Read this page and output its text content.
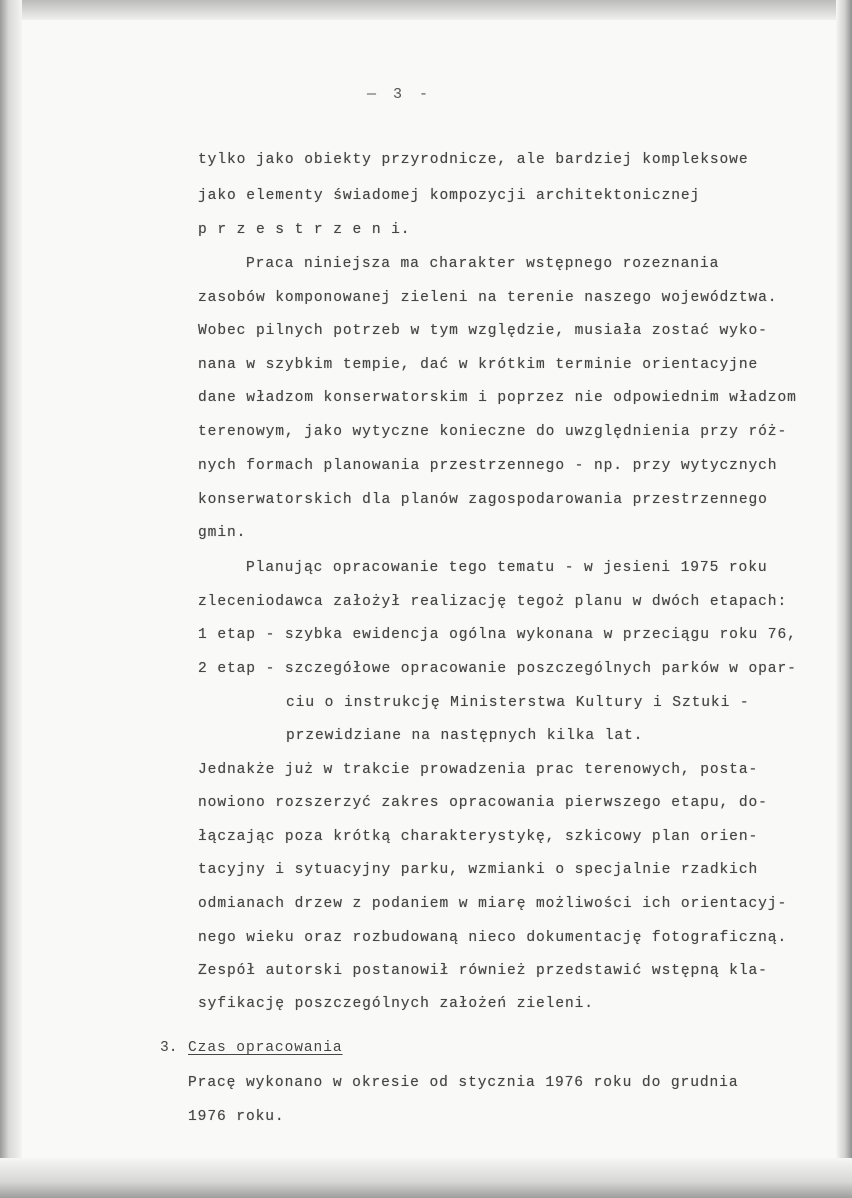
— 3 -
tylko jako obiekty przyrodnicze, ale bardziej kompleksowe
jako elementy świadomej kompozycji architektonicznej
p r z e s t r z e n i.
Praca niniejsza ma charakter wstępnego rozeznania
zasobów komponowanej zieleni na terenie naszego województwa.
Wobec pilnych potrzeb w tym względzie, musiała zostać wyko-
nana w szybkim tempie, dać w krótkim terminie orientacyjne
dane władzom konserwatorskim i poprzez nie odpowiednim władzom
terenowym, jako wytyczne konieczne do uwzględnienia przy róż-
nych formach planowania przestrzennego - np. przy wytycznych
konserwatorskich dla planów zagospodarowania przestrzennego
gmin.
Planując opracowanie tego tematu - w jesieni 1975 roku
zleceniodawca założył realizację tegoż planu w dwóch etapach:
1 etap - szybka ewidencja ogólna wykonana w przeciągu roku 76,
2 etap - szczegółowe opracowanie poszczególnych parków w opar-
ciu o instrukcję Ministerstwa Kultury i Sztuki -
przewidziane na następnych kilka lat.
Jednakże już w trakcie prowadzenia prac terenowych, posta-
nowiono rozszerzyć zakres opracowania pierwszego etapu, do-
łączając poza krótką charakterystykę, szkicowy plan orien-
tacyjny i sytuacyjny parku, wzmianki o specjalnie rzadkich
odmianach drzew z podaniem w miarę możliwości ich orientacyj-
nego wieku oraz rozbudowaną nieco dokumentację fotograficzną.
Zespół autorski postanowił również przedstawić wstępną kla-
syfikację poszczególnych założeń zieleni.
3. Czas opracowania
Pracę wykonano w okresie od stycznia 1976 roku do grudnia
1976 roku.
